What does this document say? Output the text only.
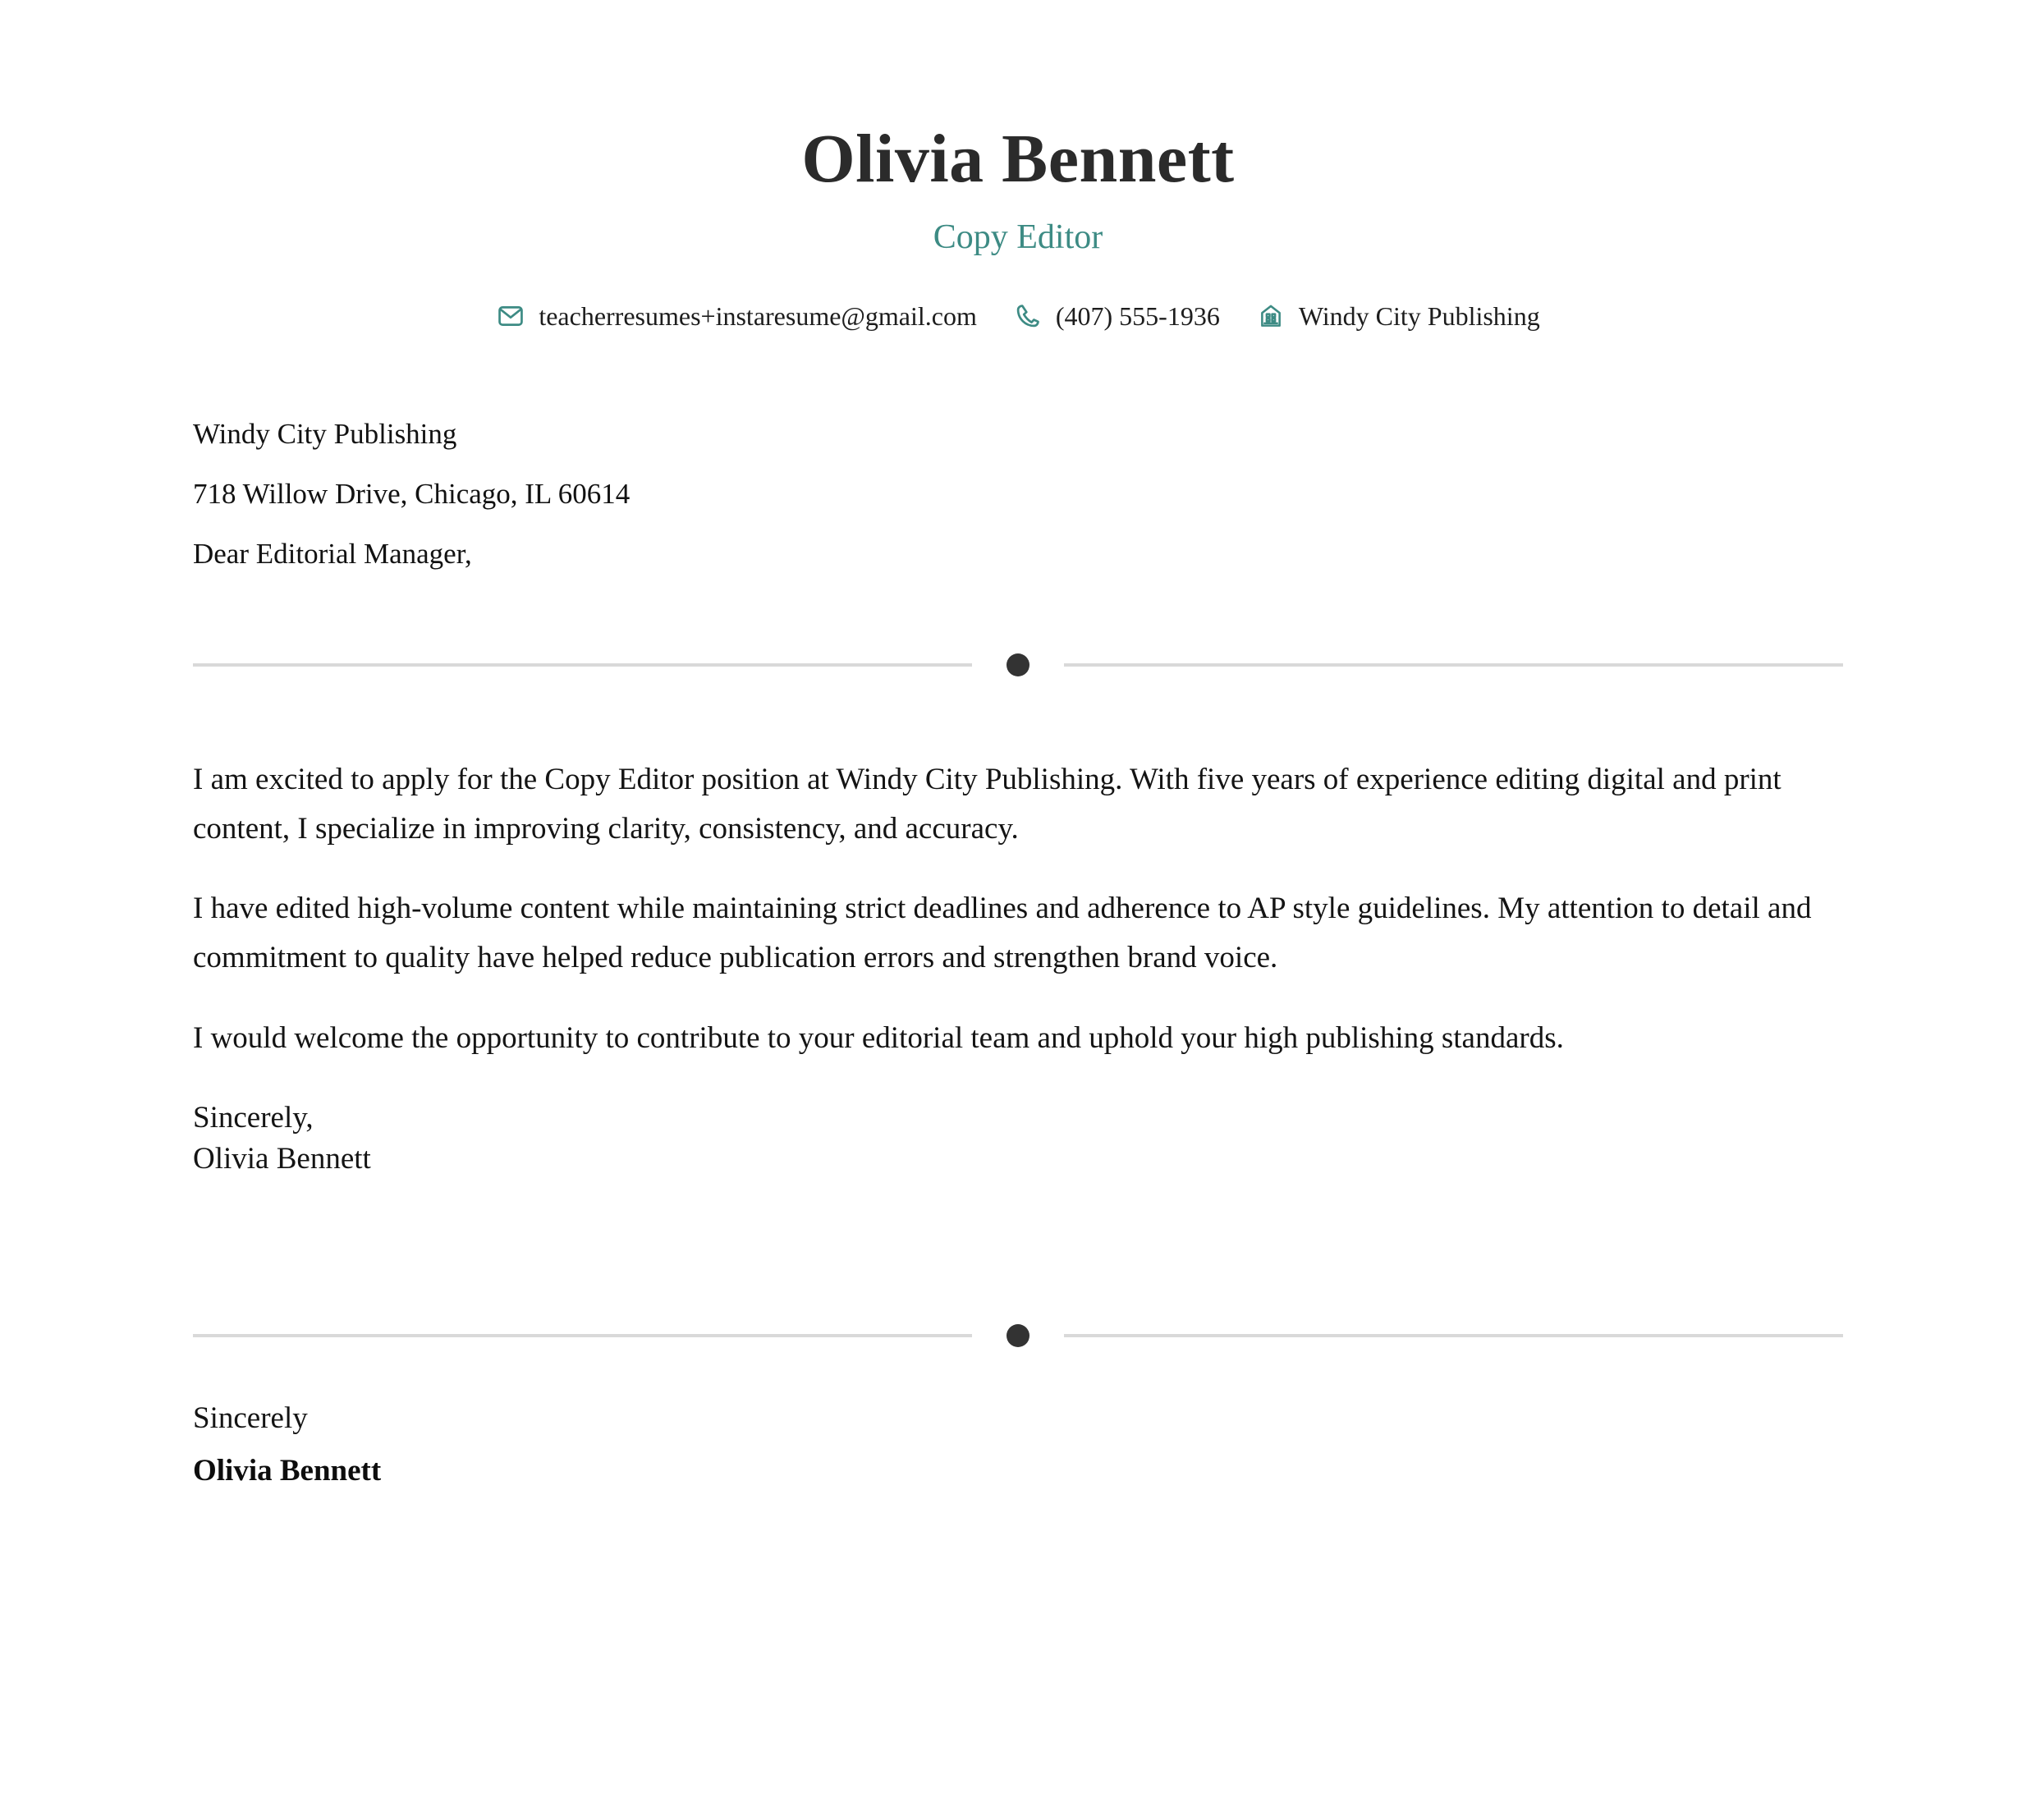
Olivia Bennett
Copy Editor
teacherresumes+instaresume@gmail.com	(407) 555-1936	Windy City Publishing
Windy City Publishing
718 Willow Drive, Chicago, IL 60614
Dear Editorial Manager,

I am excited to apply for the Copy Editor position at Windy City Publishing. With five years of experience editing digital and print content, I specialize in improving clarity, consistency, and accuracy.

I have edited high-volume content while maintaining strict deadlines and adherence to AP style guidelines. My attention to detail and commitment to quality have helped reduce publication errors and strengthen brand voice.

I would welcome the opportunity to contribute to your editorial team and uphold your high publishing standards.

Sincerely,
Olivia Bennett
Sincerely
Olivia Bennett
